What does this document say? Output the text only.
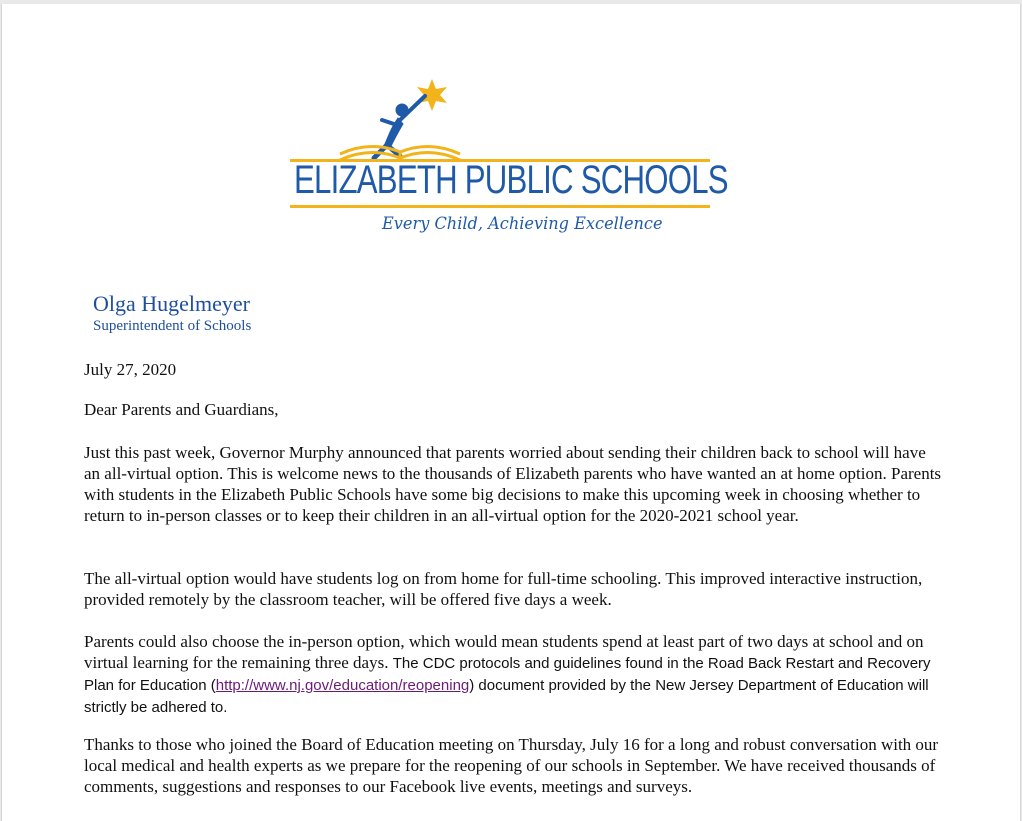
ELIZABETH PUBLIC SCHOOLS
Every Child, Achieving Excellence
Olga Hugelmeyer
Superintendent of Schools
July 27, 2020
Dear Parents and Guardians,
Just this past week, Governor Murphy announced that parents worried about sending their children back to school will have an all-virtual option. This is welcome news to the thousands of Elizabeth parents who have wanted an at home option. Parents with students in the Elizabeth Public Schools have some big decisions to make this upcoming week in choosing whether to return to in-person classes or to keep their children in an all-virtual option for the 2020-2021 school year.
The all-virtual option would have students log on from home for full-time schooling. This improved interactive instruction, provided remotely by the classroom teacher, will be offered five days a week.
Parents could also choose the in-person option, which would mean students spend at least part of two days at school and on virtual learning for the remaining three days. The CDC protocols and guidelines found in the Road Back Restart and Recovery Plan for Education (http://www.nj.gov/education/reopening) document provided by the New Jersey Department of Education will strictly be adhered to.
Thanks to those who joined the Board of Education meeting on Thursday, July 16 for a long and robust conversation with our local medical and health experts as we prepare for the reopening of our schools in September. We have received thousands of comments, suggestions and responses to our Facebook live events, meetings and surveys.
